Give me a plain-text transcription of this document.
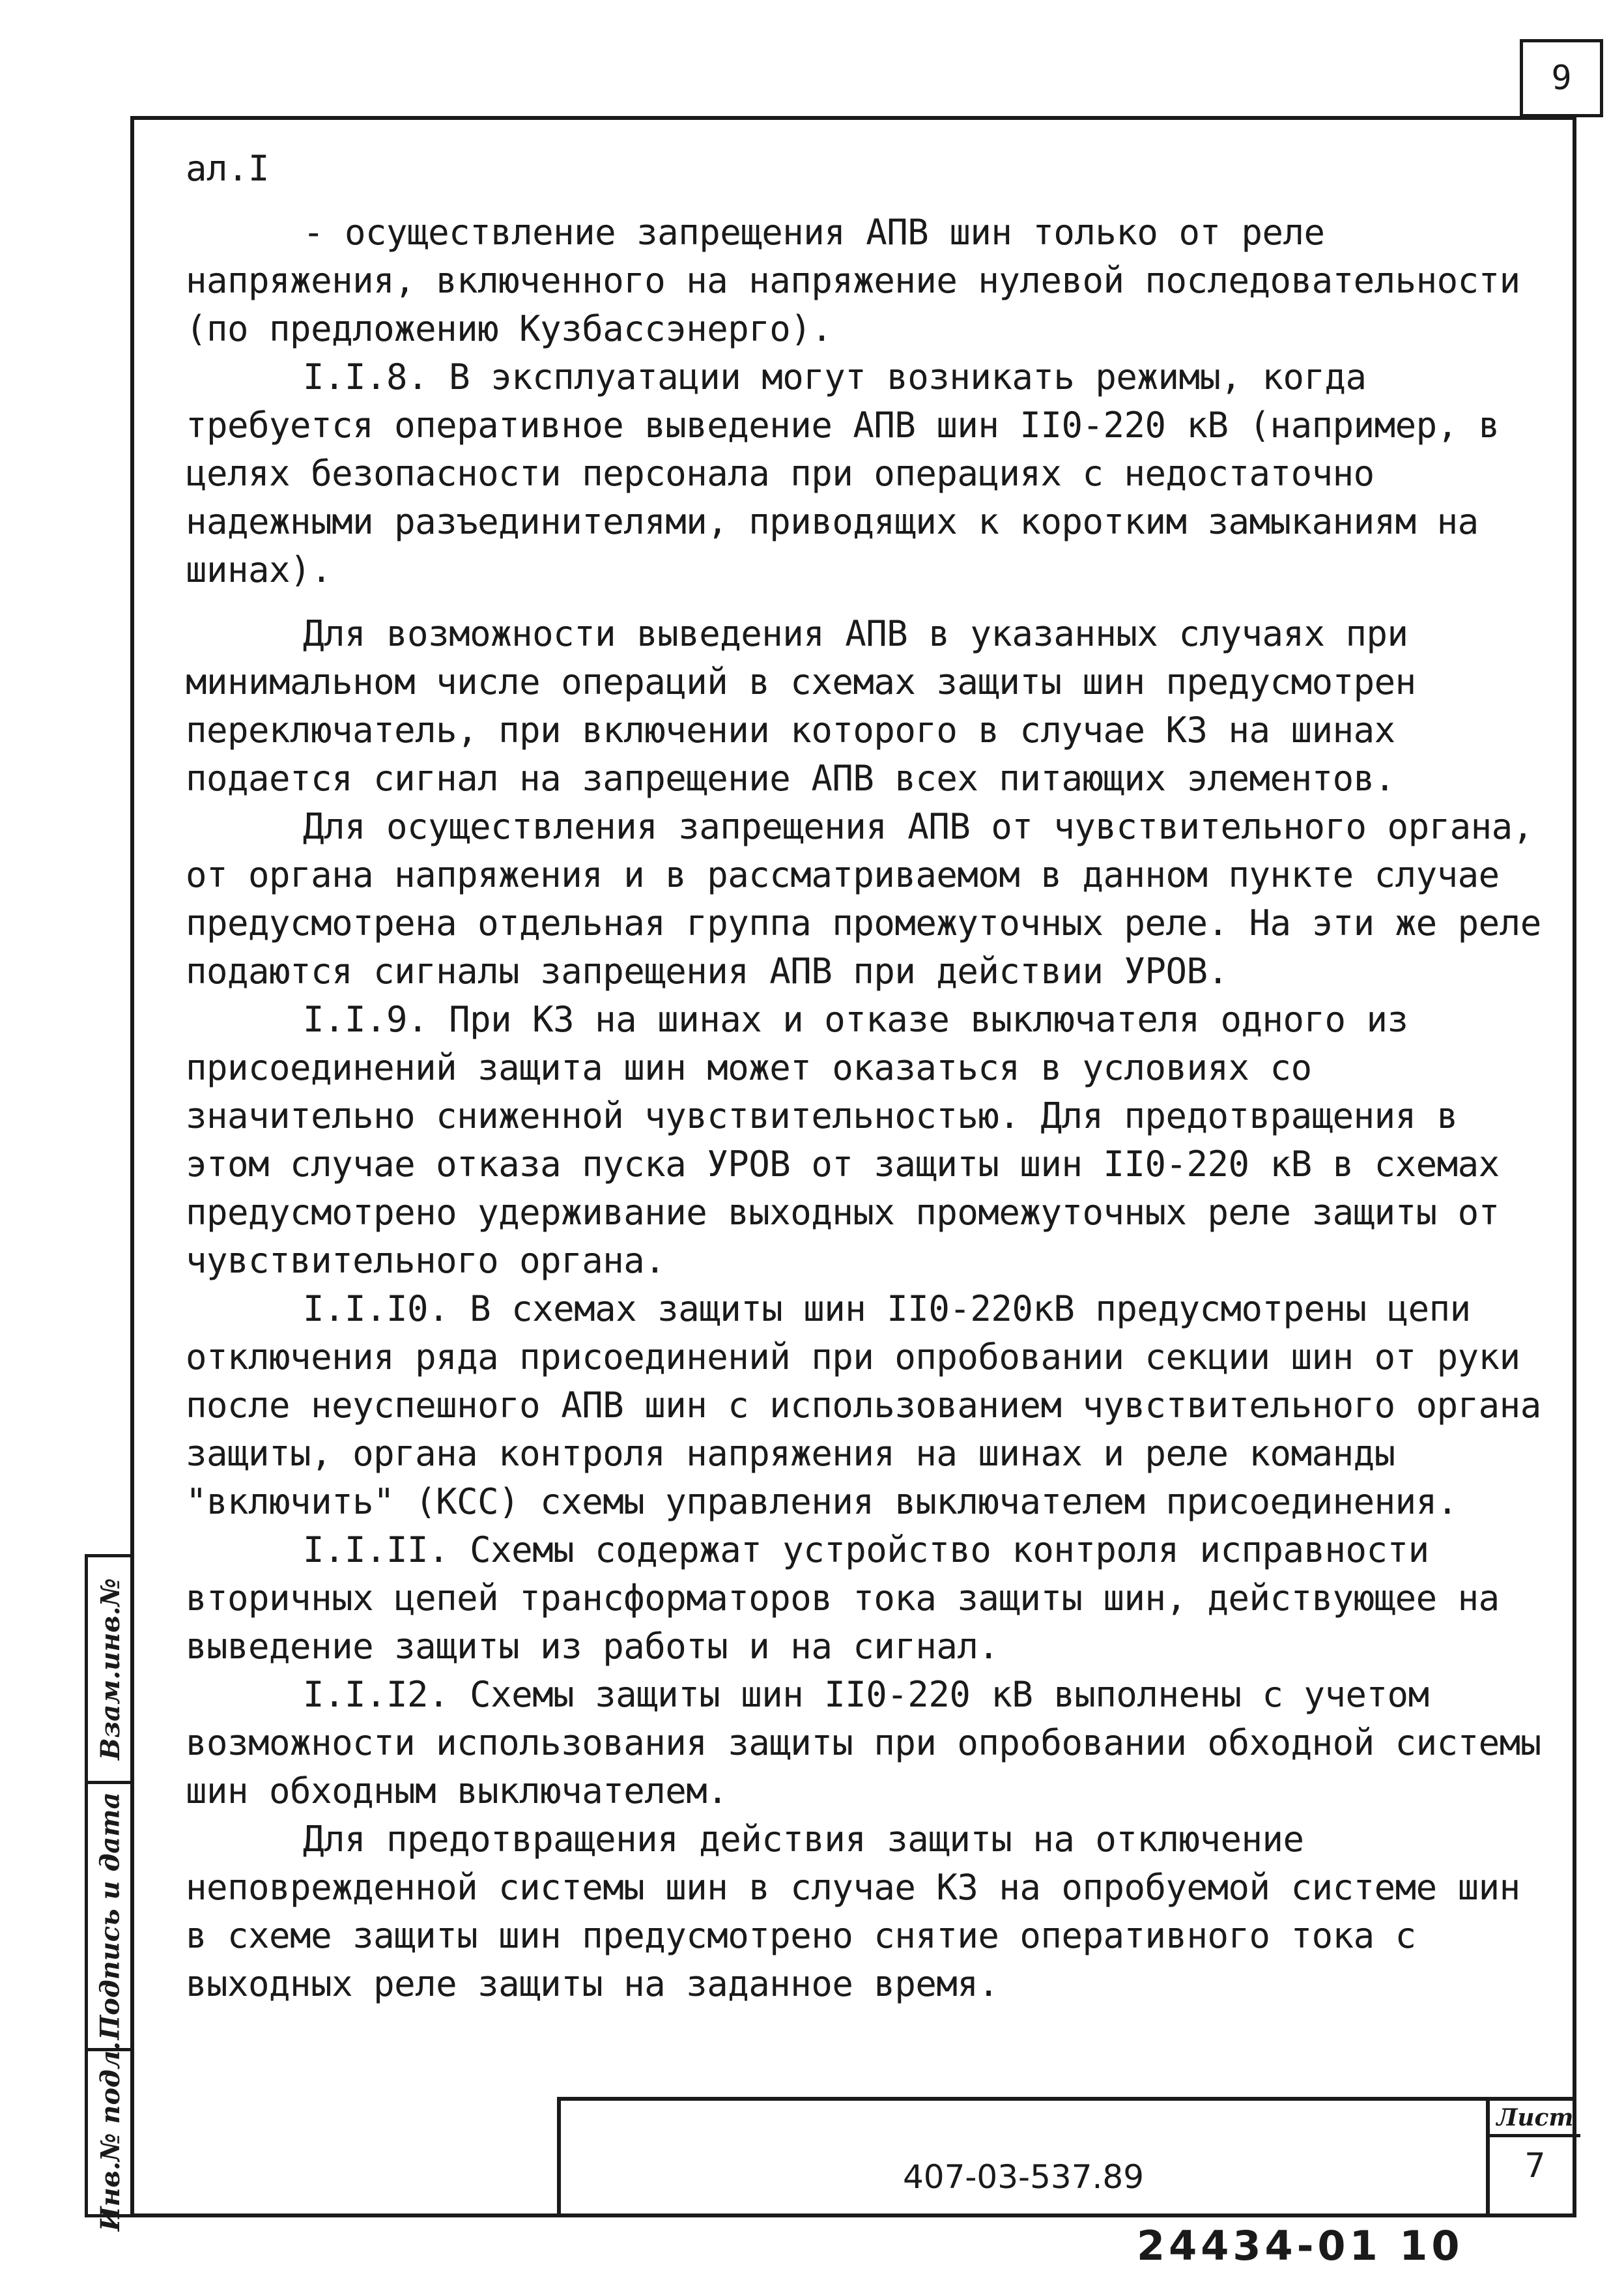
9

ал.I

- осуществление запрещения АПВ шин только от реле напряжения, включенного на напряжение нулевой последовательности (по предложению Кузбассэнерго).

I.I.8. В эксплуатации могут возникать режимы, когда требуется оперативное выведение АПВ шин II0-220 кВ (например, в целях безопасности персонала при операциях с недостаточно надежными разъединителями, приводящих к коротким замыканиям на шинах).

Для возможности выведения АПВ в указанных случаях при минимальном числе операций в схемах защиты шин предусмотрен переключатель, при включении которого в случае КЗ на шинах подается сигнал на запрещение АПВ всех питающих элементов.

Для осуществления запрещения АПВ от чувствительного органа, от органа напряжения и в рассматриваемом в данном пункте случае предусмотрена отдельная группа промежуточных реле. На эти же реле подаются сигналы запрещения АПВ при действии УРОВ.

I.I.9. При КЗ на шинах и отказе выключателя одного из присоединений защита шин может оказаться в условиях со значительно сниженной чувствительностью. Для предотвращения в этом случае отказа пуска УРОВ от защиты шин II0-220 кВ в схемах предусмотрено удерживание выходных промежуточных реле защиты от чувствительного органа.

I.I.I0. В схемах защиты шин II0-220кВ предусмотрены цепи отключения ряда присоединений при опробовании секции шин от руки после неуспешного АПВ шин с использованием чувствительного органа защиты, органа контроля напряжения на шинах и реле команды "включить" (КСС) схемы управления выключателем присоединения.

I.I.II. Схемы содержат устройство контроля исправности вторичных цепей трансформаторов тока защиты шин, действующее на выведение защиты из работы и на сигнал.

I.I.I2. Схемы защиты шин II0-220 кВ выполнены с учетом возможности использования защиты при опробовании обходной системы шин обходным выключателем.

Для предотвращения действия защиты на отключение неповрежденной системы шин в случае КЗ на опробуемой системе шин в схеме защиты шин предусмотрено снятие оперативного тока с выходных реле защиты на заданное время.

Взам.инв.№
Подпись и дата
Инв.№ подл.	407-03-537.89
Лист
7
24434-01 10
